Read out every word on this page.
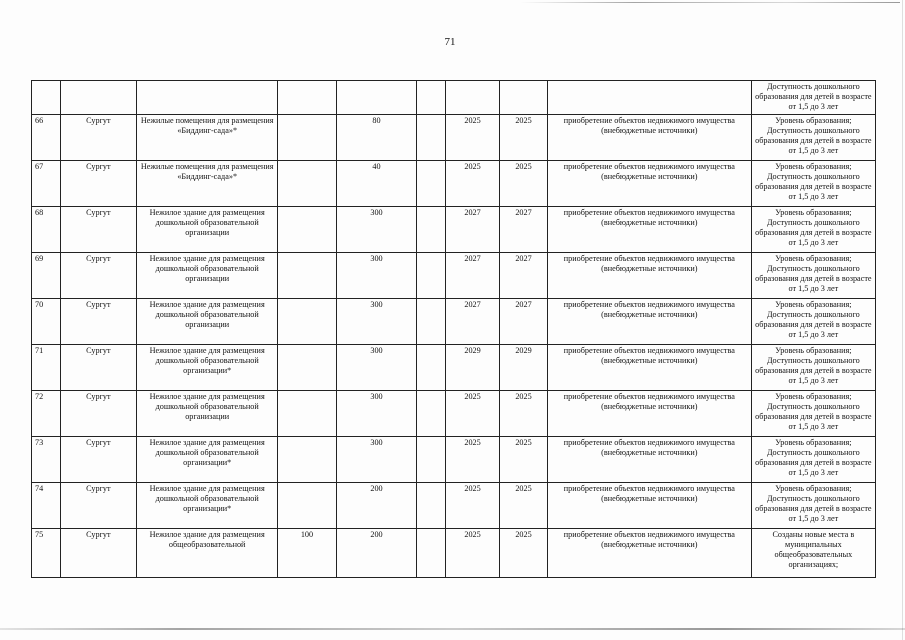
71
									Доступность дошкольного образования для детей в возрасте от 1,5 до 3 лет
66	Сургут	Нежилые помещения для размещения «Биддинг-сада»*		80		2025	2025	приобретение объектов недвижимого имущества (внебюджетные источники)	Уровень образования; Доступность дошкольного образования для детей в возрасте от 1,5 до 3 лет
67	Сургут	Нежилые помещения для размещения «Биддинг-сада»*		40		2025	2025	приобретение объектов недвижимого имущества (внебюджетные источники)	Уровень образования; Доступность дошкольного образования для детей в возрасте от 1,5 до 3 лет
68	Сургут	Нежилое здание для размещения дошкольной образовательной организации		300		2027	2027	приобретение объектов недвижимого имущества (внебюджетные источники)	Уровень образования; Доступность дошкольного образования для детей в возрасте от 1,5 до 3 лет
69	Сургут	Нежилое здание для размещения дошкольной образовательной организации		300		2027	2027	приобретение объектов недвижимого имущества (внебюджетные источники)	Уровень образования; Доступность дошкольного образования для детей в возрасте от 1,5 до 3 лет
70	Сургут	Нежилое здание для размещения дошкольной образовательной организации		300		2027	2027	приобретение объектов недвижимого имущества (внебюджетные источники)	Уровень образования; Доступность дошкольного образования для детей в возрасте от 1,5 до 3 лет
71	Сургут	Нежилое здание для размещения дошкольной образовательной организации*		300		2029	2029	приобретение объектов недвижимого имущества (внебюджетные источники)	Уровень образования; Доступность дошкольного образования для детей в возрасте от 1,5 до 3 лет
72	Сургут	Нежилое здание для размещения дошкольной образовательной организации		300		2025	2025	приобретение объектов недвижимого имущества (внебюджетные источники)	Уровень образования; Доступность дошкольного образования для детей в возрасте от 1,5 до 3 лет
73	Сургут	Нежилое здание для размещения дошкольной образовательной организации*		300		2025	2025	приобретение объектов недвижимого имущества (внебюджетные источники)	Уровень образования; Доступность дошкольного образования для детей в возрасте от 1,5 до 3 лет
74	Сургут	Нежилое здание для размещения дошкольной образовательной организации*		200		2025	2025	приобретение объектов недвижимого имущества (внебюджетные источники)	Уровень образования; Доступность дошкольного образования для детей в возрасте от 1,5 до 3 лет
75	Сургут	Нежилое здание для размещения общеобразовательной	100	200		2025	2025	приобретение объектов недвижимого имущества (внебюджетные источники)	Созданы новые места в муниципальных общеобразовательных организациях;
